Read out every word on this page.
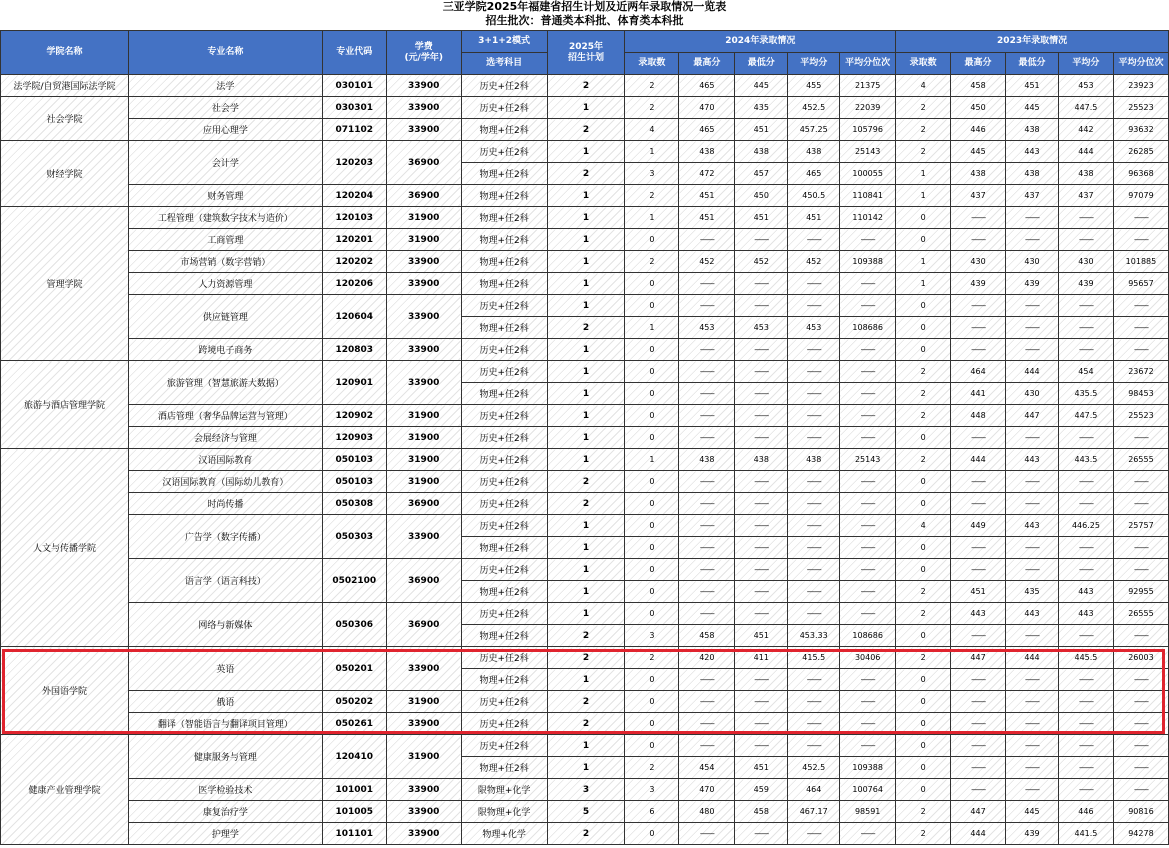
三亚学院2025年福建省招生计划及近两年录取情况一览表
招生批次：普通类本科批、体育类本科批
学院名称	专业名称	专业代码	学费
(元/学年)	3+1+2模式	2025年
招生计划	2024年录取情况					2023年录取情况				
				选考科目		录取数	最高分	最低分	平均分	平均分位次	录取数	最高分	最低分	平均分	平均分位次
法学院/自贸港国际法学院	法学	030101	33900	历史+任2科	2	2	465	445	455	21375	4	458	451	453	23923
社会学院	社会学	030301	33900	历史+任2科	1	2	470	435	452.5	22039	2	450	445	447.5	25523
	应用心理学	071102	33900	物理+任2科	2	4	465	451	457.25	105796	2	446	438	442	93632
财经学院	会计学	120203	36900	历史+任2科	1	1	438	438	438	25143	2	445	443	444	26285
				物理+任2科	2	3	472	457	465	100055	1	438	438	438	96368
	财务管理	120204	36900	物理+任2科	1	2	451	450	450.5	110841	1	437	437	437	97079
管理学院	工程管理（建筑数字技术与造价）	120103	31900	物理+任2科	1	1	451	451	451	110142	0	——	——	——	——
	工商管理	120201	31900	物理+任2科	1	0	——	——	——	——	0	——	——	——	——
	市场营销（数字营销）	120202	33900	物理+任2科	1	2	452	452	452	109388	1	430	430	430	101885
	人力资源管理	120206	33900	物理+任2科	1	0	——	——	——	——	1	439	439	439	95657
	供应链管理	120604	33900	历史+任2科	1	0	——	——	——	——	0	——	——	——	——
				物理+任2科	2	1	453	453	453	108686	0	——	——	——	——
	跨境电子商务	120803	33900	历史+任2科	1	0	——	——	——	——	0	——	——	——	——
旅游与酒店管理学院	旅游管理（智慧旅游大数据）	120901	33900	历史+任2科	1	0	——	——	——	——	2	464	444	454	23672
				物理+任2科	1	0	——	——	——	——	2	441	430	435.5	98453
	酒店管理（奢华品牌运营与管理）	120902	31900	历史+任2科	1	0	——	——	——	——	2	448	447	447.5	25523
	会展经济与管理	120903	31900	历史+任2科	1	0	——	——	——	——	0	——	——	——	——
人文与传播学院	汉语国际教育	050103	31900	历史+任2科	1	1	438	438	438	25143	2	444	443	443.5	26555
	汉语国际教育（国际幼儿教育）	050103	31900	历史+任2科	2	0	——	——	——	——	0	——	——	——	——
	时尚传播	050308	36900	历史+任2科	2	0	——	——	——	——	0	——	——	——	——
	广告学（数字传播）	050303	33900	历史+任2科	1	0	——	——	——	——	4	449	443	446.25	25757
				物理+任2科	1	0	——	——	——	——	0	——	——	——	——
	语言学（语言科技）	0502100	36900	历史+任2科	1	0	——	——	——	——	0	——	——	——	——
				物理+任2科	1	0	——	——	——	——	2	451	435	443	92955
	网络与新媒体	050306	36900	历史+任2科	1	0	——	——	——	——	2	443	443	443	26555
				物理+任2科	2	3	458	451	453.33	108686	0	——	——	——	——
外国语学院	英语	050201	33900	历史+任2科	2	2	420	411	415.5	30406	2	447	444	445.5	26003
				物理+任2科	1	0	——	——	——	——	0	——	——	——	——
	俄语	050202	31900	历史+任2科	2	0	——	——	——	——	0	——	——	——	——
	翻译（智能语言与翻译项目管理）	050261	33900	历史+任2科	2	0	——	——	——	——	0	——	——	——	——
健康产业管理学院	健康服务与管理	120410	31900	历史+任2科	1	0	——	——	——	——	0	——	——	——	——
				物理+任2科	1	2	454	451	452.5	109388	0	——	——	——	——
	医学检验技术	101001	33900	限物理+化学	3	3	470	459	464	100764	0	——	——	——	——
	康复治疗学	101005	33900	限物理+化学	5	6	480	458	467.17	98591	2	447	445	446	90816
	护理学	101101	33900	物理+化学	2	0	——	——	——	——	2	444	439	441.5	94278
